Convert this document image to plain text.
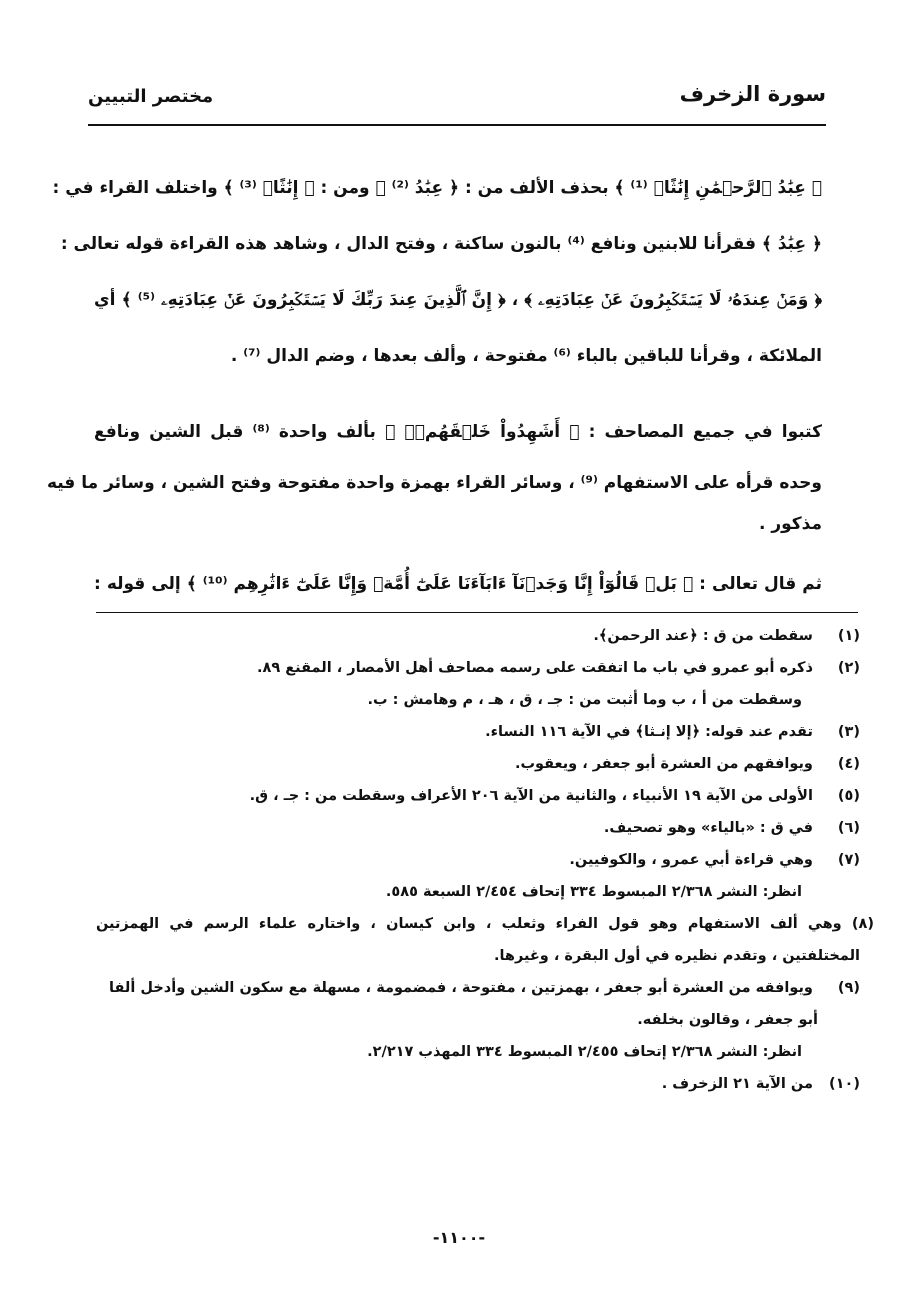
سورة الزخرف
مختصر التبيين
﴿ عِبَٰدُ ٱلرَّحۡمَٰنِ إِنَٰثًاۚ ⁽¹⁾ ﴾ بحذف الألف من : ﴿ عِبَٰدُ ⁽²⁾ ﴾ ومن : ﴿ إِنَٰثًاۚ ⁽³⁾ ﴾ واختلف القراء في :
﴿ عِبَٰدُ ﴾ فقرأنا للابنين ونافع ⁽⁴⁾ بالنون ساكنة ، وفتح الدال ، وشاهد هذه القراءة قوله تعالى :
﴿ وَمَنۡ عِندَهُۥ لَا يَسۡتَكۡبِرُونَ عَنۡ عِبَادَتِهِۦ ﴾ ، ﴿ إِنَّ ٱلَّذِينَ عِندَ رَبِّكَ لَا يَسۡتَكۡبِرُونَ عَنۡ عِبَادَتِهِۦ ⁽⁵⁾ ﴾ أي
الملائكة ، وقرأنا للباقين بالباء ⁽⁶⁾ مفتوحة ، وألف بعدها ، وضم الدال ⁽⁷⁾ .
كتبوا في جميع المصاحف : ﴿ أَشَهِدُواْ خَلۡقَهُمۡۚ ﴾ بألف واحدة ⁽⁸⁾ قبل الشين ونافع
وحده قرأه على الاستفهام ⁽⁹⁾ ، وسائر القراء بهمزة واحدة مفتوحة وفتح الشين ، وسائر ما فيه
مذكور .
ثم قال تعالى : ﴿ بَلۡ قَالُوٓاْ إِنَّا وَجَدۡنَآ ءَابَآءَنَا عَلَىٰٓ أُمَّةٖ وَإِنَّا عَلَىٰٓ ءَاثَٰرِهِم ⁽¹⁰⁾ ﴾ إلى قوله :
(١) سقطت من ق : ﴿عند الرحمن﴾.
(٢) ذكره أبو عمرو في باب ما اتفقت على رسمه مصاحف أهل الأمصار ، المقنع ٨٩.
وسقطت من أ ، ب وما أثبت من : جـ ، ق ، هـ ، م وهامش : ب.
(٣) تقدم عند قوله: ﴿إلا إنـثا﴾ في الآية ١١٦ النساء.
(٤) ويوافقهم من العشرة أبو جعفر ، ويعقوب.
(٥) الأولى من الآية ١٩ الأنبياء ، والثانية من الآية ٢٠٦ الأعراف وسقطت من : جـ ، ق.
(٦) في ق : «بالياء» وهو تصحيف.
(٧) وهي قراءة أبي عمرو ، والكوفيين.
انظر: النشر ٢/٣٦٨ المبسوط ٣٣٤ إتحاف ٢/٤٥٤ السبعة ٥٨٥.
(٨) وهي ألف الاستفهام وهو قول الفراء وثعلب ، وابن كيسان ، واختاره علماء الرسم في الهمزتين
المختلفتين ، وتقدم نظيره في أول البقرة ، وغيرها.
(٩) ويوافقه من العشرة أبو جعفر ، بهمزتين ، مفتوحة ، فمضمومة ، مسهلة مع سكون الشين وأدخل ألفا
أبو جعفر ، وقالون بخلفه.
انظر: النشر ٢/٣٦٨ إتحاف ٢/٤٥٥ المبسوط ٣٣٤ المهذب ٢/٢١٧.
(١٠) من الآية ٢١ الزخرف .
-١١٠٠-
